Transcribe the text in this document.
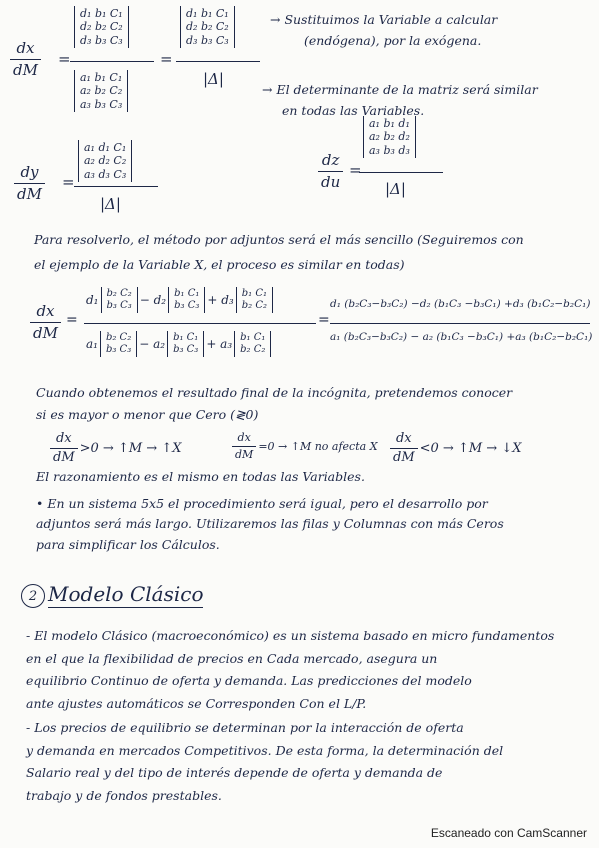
$\frac{dx}{dM}$ =
d₁ b₁ C₁
d₂ b₂ C₂
d₃ b₃ C₃
a₁ b₁ C₁
a₂ b₂ C₂
a₃ b₃ C₃
=
d₁ b₁ C₁
d₂ b₂ C₂
d₃ b₃ C₃
|Δ|
→ Sustituimos la Variable a calcular
(endógena), por la exógena.
→ El determinante de la matriz será similar
en todas las Variables.
$\frac{dy}{dM}$ =
a₁ d₁ C₁
a₂ d₂ C₂
a₃ d₃ C₃
|Δ|
$\frac{dz}{du}$ =
a₁ b₁ d₁
a₂ b₂ d₂
a₃ b₃ d₃
|Δ|
Para resolverlo, el método por adjuntos será el más sencillo (Seguiremos con
el ejemplo de la Variable X, el proceso es similar en todas)
$\frac{dx}{dM}$ =
d₁ b₂ C₂
b₃ C₃ − d₂ b₁ C₁
b₃ C₃ + d₃ b₁ C₁
b₂ C₂
a₁ b₂ C₂
b₃ C₃ − a₂ b₁ C₁
b₃ C₃ + a₃ b₁ C₁
b₂ C₂
=
d₁ (b₂C₃−b₃C₂) −d₂ (b₁C₃ −b₃C₁) +d₃ (b₁C₂−b₂C₁)
a₁ (b₂C₃−b₃C₂) − a₂ (b₁C₃ −b₃C₁) +a₃ (b₁C₂−b₂C₁)
Cuando obtenemos el resultado final de la incógnita, pretendemos conocer
si es mayor o menor que Cero (≷0)
$\frac{dx}{dM} >0$ → ↑M → ↑X	$\frac{dx}{dM} =0$ → ↑M no afecta X $\frac{dx}{dM} <0$ → ↑M → ↓X
El razonamiento es el mismo en todas las Variables.
• En un sistema 5x5 el procedimiento será igual, pero el desarrollo por
adjuntos será más largo. Utilizaremos las filas y Columnas con más Ceros
para simplificar los Cálculos.
2 Modelo Clásico
- El modelo Clásico (macroeconómico) es un sistema basado en micro fundamentos
en el que la flexibilidad de precios en Cada mercado, asegura un
equilibrio Continuo de oferta y demanda. Las predicciones del modelo
ante ajustes automáticos se Corresponden Con el L/P.
- Los precios de equilibrio se determinan por la interacción de oferta
y demanda en mercados Competitivos. De esta forma, la determinación del
Salario real y del tipo de interés depende de oferta y demanda de
trabajo y de fondos prestables.
Escaneado con CamScanner
